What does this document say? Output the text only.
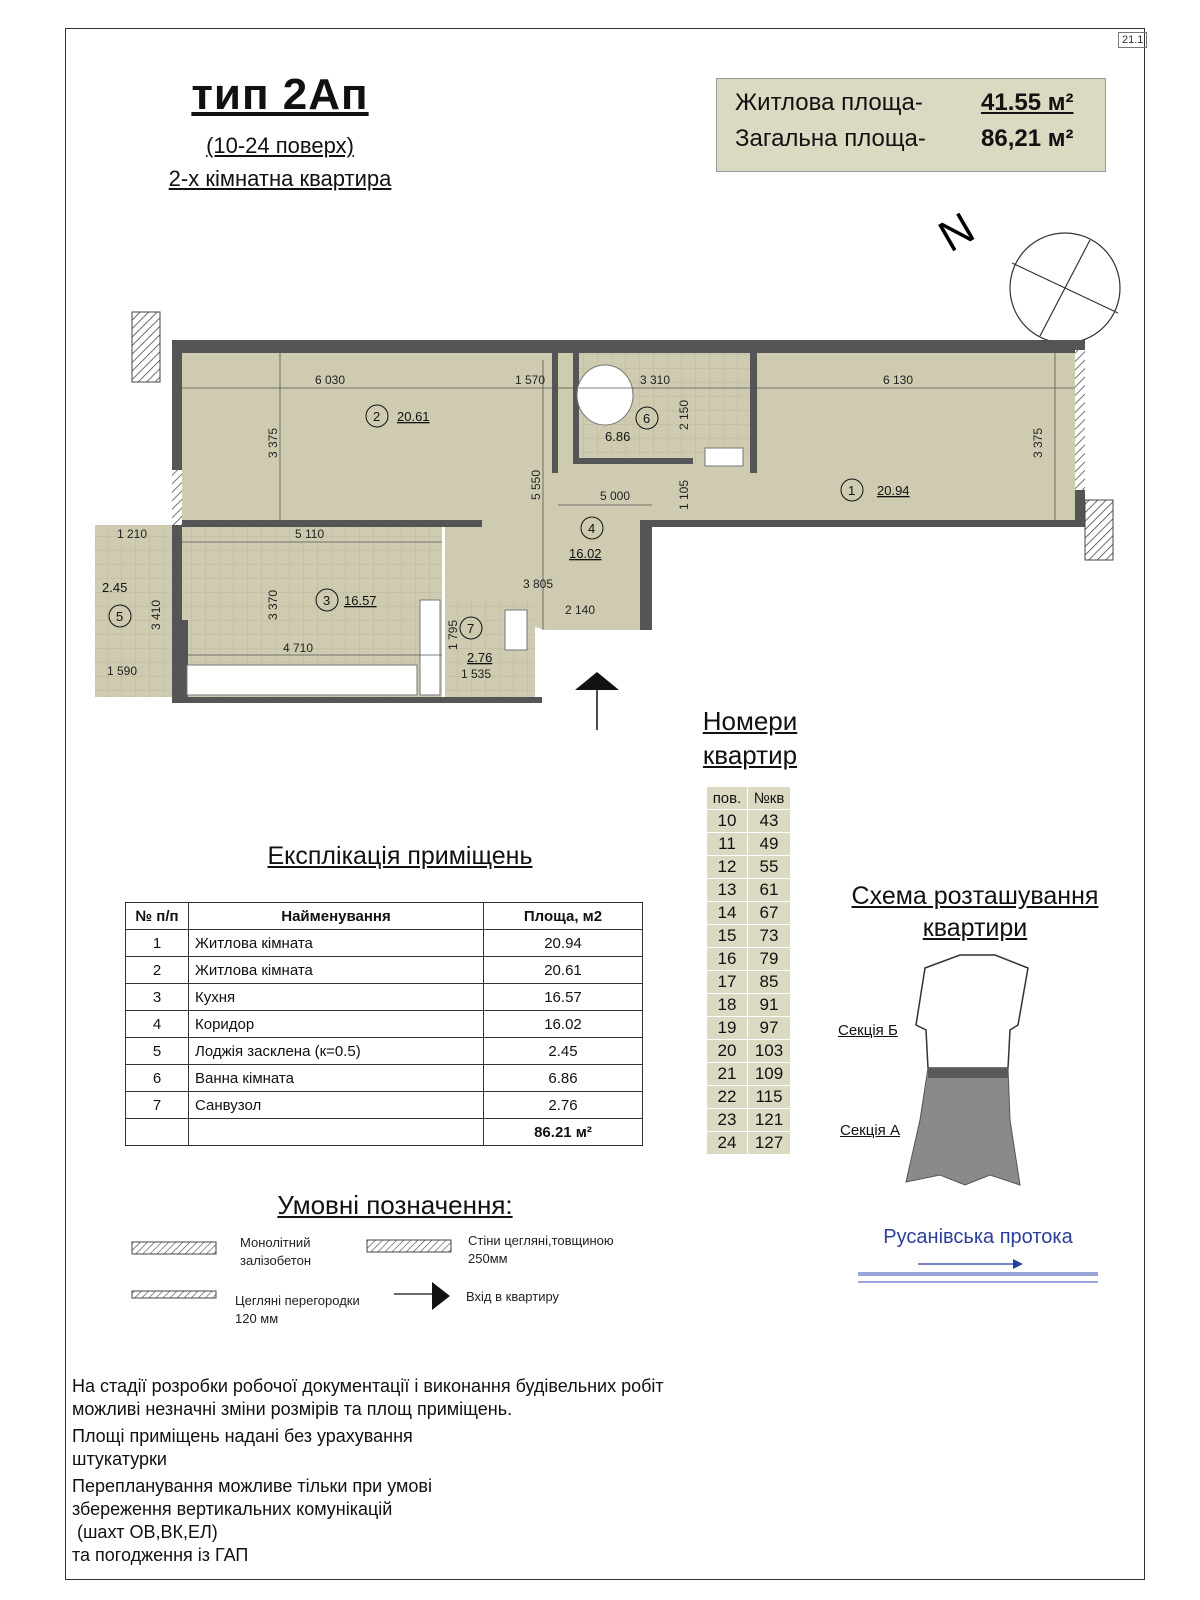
21.1
тип 2Ап
(10-24 поверх)
2-х кімнатна квартира
Житлова площа- 41.55 м²
Загальна площа- 86,21 м²
N
6 030	1 570	3 310	6 130
3 375	3 375
2 150
5 550	5 000	1 105
1 210	5 110
3 370
3 410
4 710
1 590
3 805
2 140
1 795
1 535
1 20.94
2 20.61
3 16.57
4
16.02
5
2.45
6
6.86
7
2.76
Номери
квартир
пов.	№кв
10	43
11	49
12	55
13	61
14	67
15	73
16	79
17	85
18	91
19	97
20	103
21	109
22	115
23	121
24	127
Експлікація приміщень
№ п/п	Найменування	Площа, м2
1	Житлова кімната	20.94
2	Житлова кімната	20.61
3	Кухня	16.57
4	Коридор	16.02
5	Лоджія засклена (к=0.5)	2.45
6	Ванна кімната	6.86
7	Санвузол	2.76
		86.21 м²
Умовні позначення:
Монолітний
залізобетон
Стіни цегляні,товщиною
250мм
Цегляні перегородки
120 мм
Вхід в квартиру
Схема розташування
квартири
Секція Б
Секція А
Русанівська протока

На стадії розробки робочої документації і виконання будівельних робіт
можливі незначні зміни розмірів та площ приміщень.

Площі приміщень надані без урахування
штукатурки

Перепланування можливе тільки при умові
збереження вертикальних комунікацій
(шахт ОВ,ВК,ЕЛ)
та погодження із ГАП
